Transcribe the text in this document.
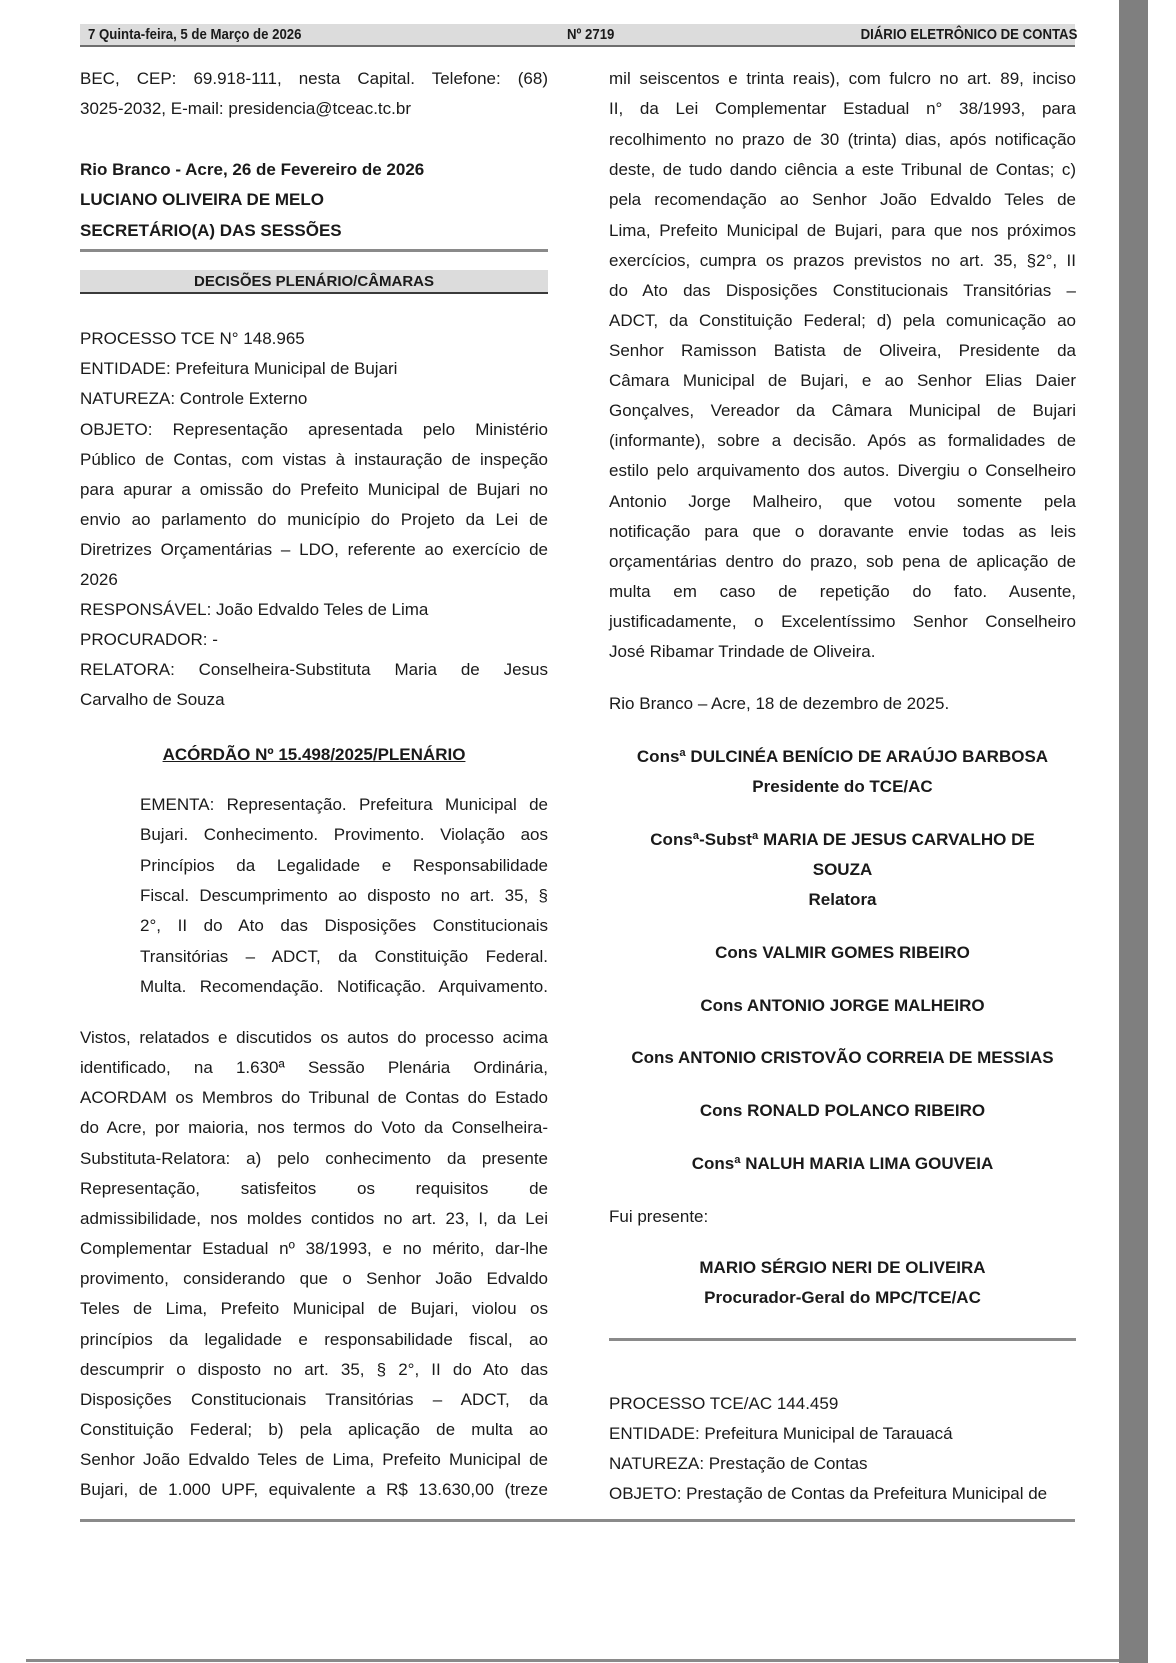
7 Quinta-feira, 5 de Março de 2026	Nº 2719	DIÁRIO ELETRÔNICO DE CONTAS
BEC, CEP: 69.918-111, nesta Capital. Telefone: (68)
3025-2032, E-mail: presidencia@tceac.tc.br
Rio Branco - Acre, 26 de Fevereiro de 2026
LUCIANO OLIVEIRA DE MELO
SECRETÁRIO(A) DAS SESSÕES
DECISÕES PLENÁRIO/CÂMARAS
PROCESSO TCE N° 148.965
ENTIDADE: Prefeitura Municipal de Bujari
NATUREZA: Controle Externo
OBJETO: Representação apresentada pelo Ministério
Público de Contas, com vistas à instauração de inspeção
para apurar a omissão do Prefeito Municipal de Bujari no
envio ao parlamento do município do Projeto da Lei de
Diretrizes Orçamentárias – LDO, referente ao exercício de
2026
RESPONSÁVEL: João Edvaldo Teles de Lima
PROCURADOR: -
RELATORA: Conselheira-Substituta Maria de Jesus
Carvalho de Souza
ACÓRDÃO Nº 15.498/2025/PLENÁRIO
EMENTA: Representação. Prefeitura Municipal de
Bujari. Conhecimento. Provimento. Violação aos
Princípios da Legalidade e Responsabilidade
Fiscal. Descumprimento ao disposto no art. 35, §
2°, II do Ato das Disposições Constitucionais
Transitórias – ADCT, da Constituição Federal.
Multa. Recomendação. Notificação. Arquivamento.
Vistos, relatados e discutidos os autos do processo acima
identificado, na 1.630ª Sessão Plenária Ordinária,
ACORDAM os Membros do Tribunal de Contas do Estado
do Acre, por maioria, nos termos do Voto da Conselheira-
Substituta-Relatora: a) pelo conhecimento da presente
Representação, satisfeitos os requisitos de
admissibilidade, nos moldes contidos no art. 23, I, da Lei
Complementar Estadual nº 38/1993, e no mérito, dar-lhe
provimento, considerando que o Senhor João Edvaldo
Teles de Lima, Prefeito Municipal de Bujari, violou os
princípios da legalidade e responsabilidade fiscal, ao
descumprir o disposto no art. 35, § 2°, II do Ato das
Disposições Constitucionais Transitórias – ADCT, da
Constituição Federal; b) pela aplicação de multa ao
Senhor João Edvaldo Teles de Lima, Prefeito Municipal de
Bujari, de 1.000 UPF, equivalente a R$ 13.630,00 (treze
mil seiscentos e trinta reais), com fulcro no art. 89, inciso
II, da Lei Complementar Estadual n° 38/1993, para
recolhimento no prazo de 30 (trinta) dias, após notificação
deste, de tudo dando ciência a este Tribunal de Contas; c)
pela recomendação ao Senhor João Edvaldo Teles de
Lima, Prefeito Municipal de Bujari, para que nos próximos
exercícios, cumpra os prazos previstos no art. 35, §2°, II
do Ato das Disposições Constitucionais Transitórias –
ADCT, da Constituição Federal; d) pela comunicação ao
Senhor Ramisson Batista de Oliveira, Presidente da
Câmara Municipal de Bujari, e ao Senhor Elias Daier
Gonçalves, Vereador da Câmara Municipal de Bujari
(informante), sobre a decisão. Após as formalidades de
estilo pelo arquivamento dos autos. Divergiu o Conselheiro
Antonio Jorge Malheiro, que votou somente pela
notificação para que o doravante envie todas as leis
orçamentárias dentro do prazo, sob pena de aplicação de
multa em caso de repetição do fato. Ausente,
justificadamente, o Excelentíssimo Senhor Conselheiro
José Ribamar Trindade de Oliveira.
Rio Branco – Acre, 18 de dezembro de 2025.
Consª DULCINÉA BENÍCIO DE ARAÚJO BARBOSA
Presidente do TCE/AC
Consª-Substª MARIA DE JESUS CARVALHO DE
SOUZA
Relatora
Cons VALMIR GOMES RIBEIRO
Cons ANTONIO JORGE MALHEIRO
Cons ANTONIO CRISTOVÃO CORREIA DE MESSIAS
Cons RONALD POLANCO RIBEIRO
Consª NALUH MARIA LIMA GOUVEIA
Fui presente:
MARIO SÉRGIO NERI DE OLIVEIRA
Procurador-Geral do MPC/TCE/AC
PROCESSO TCE/AC 144.459
ENTIDADE: Prefeitura Municipal de Tarauacá
NATUREZA: Prestação de Contas
OBJETO: Prestação de Contas da Prefeitura Municipal de
